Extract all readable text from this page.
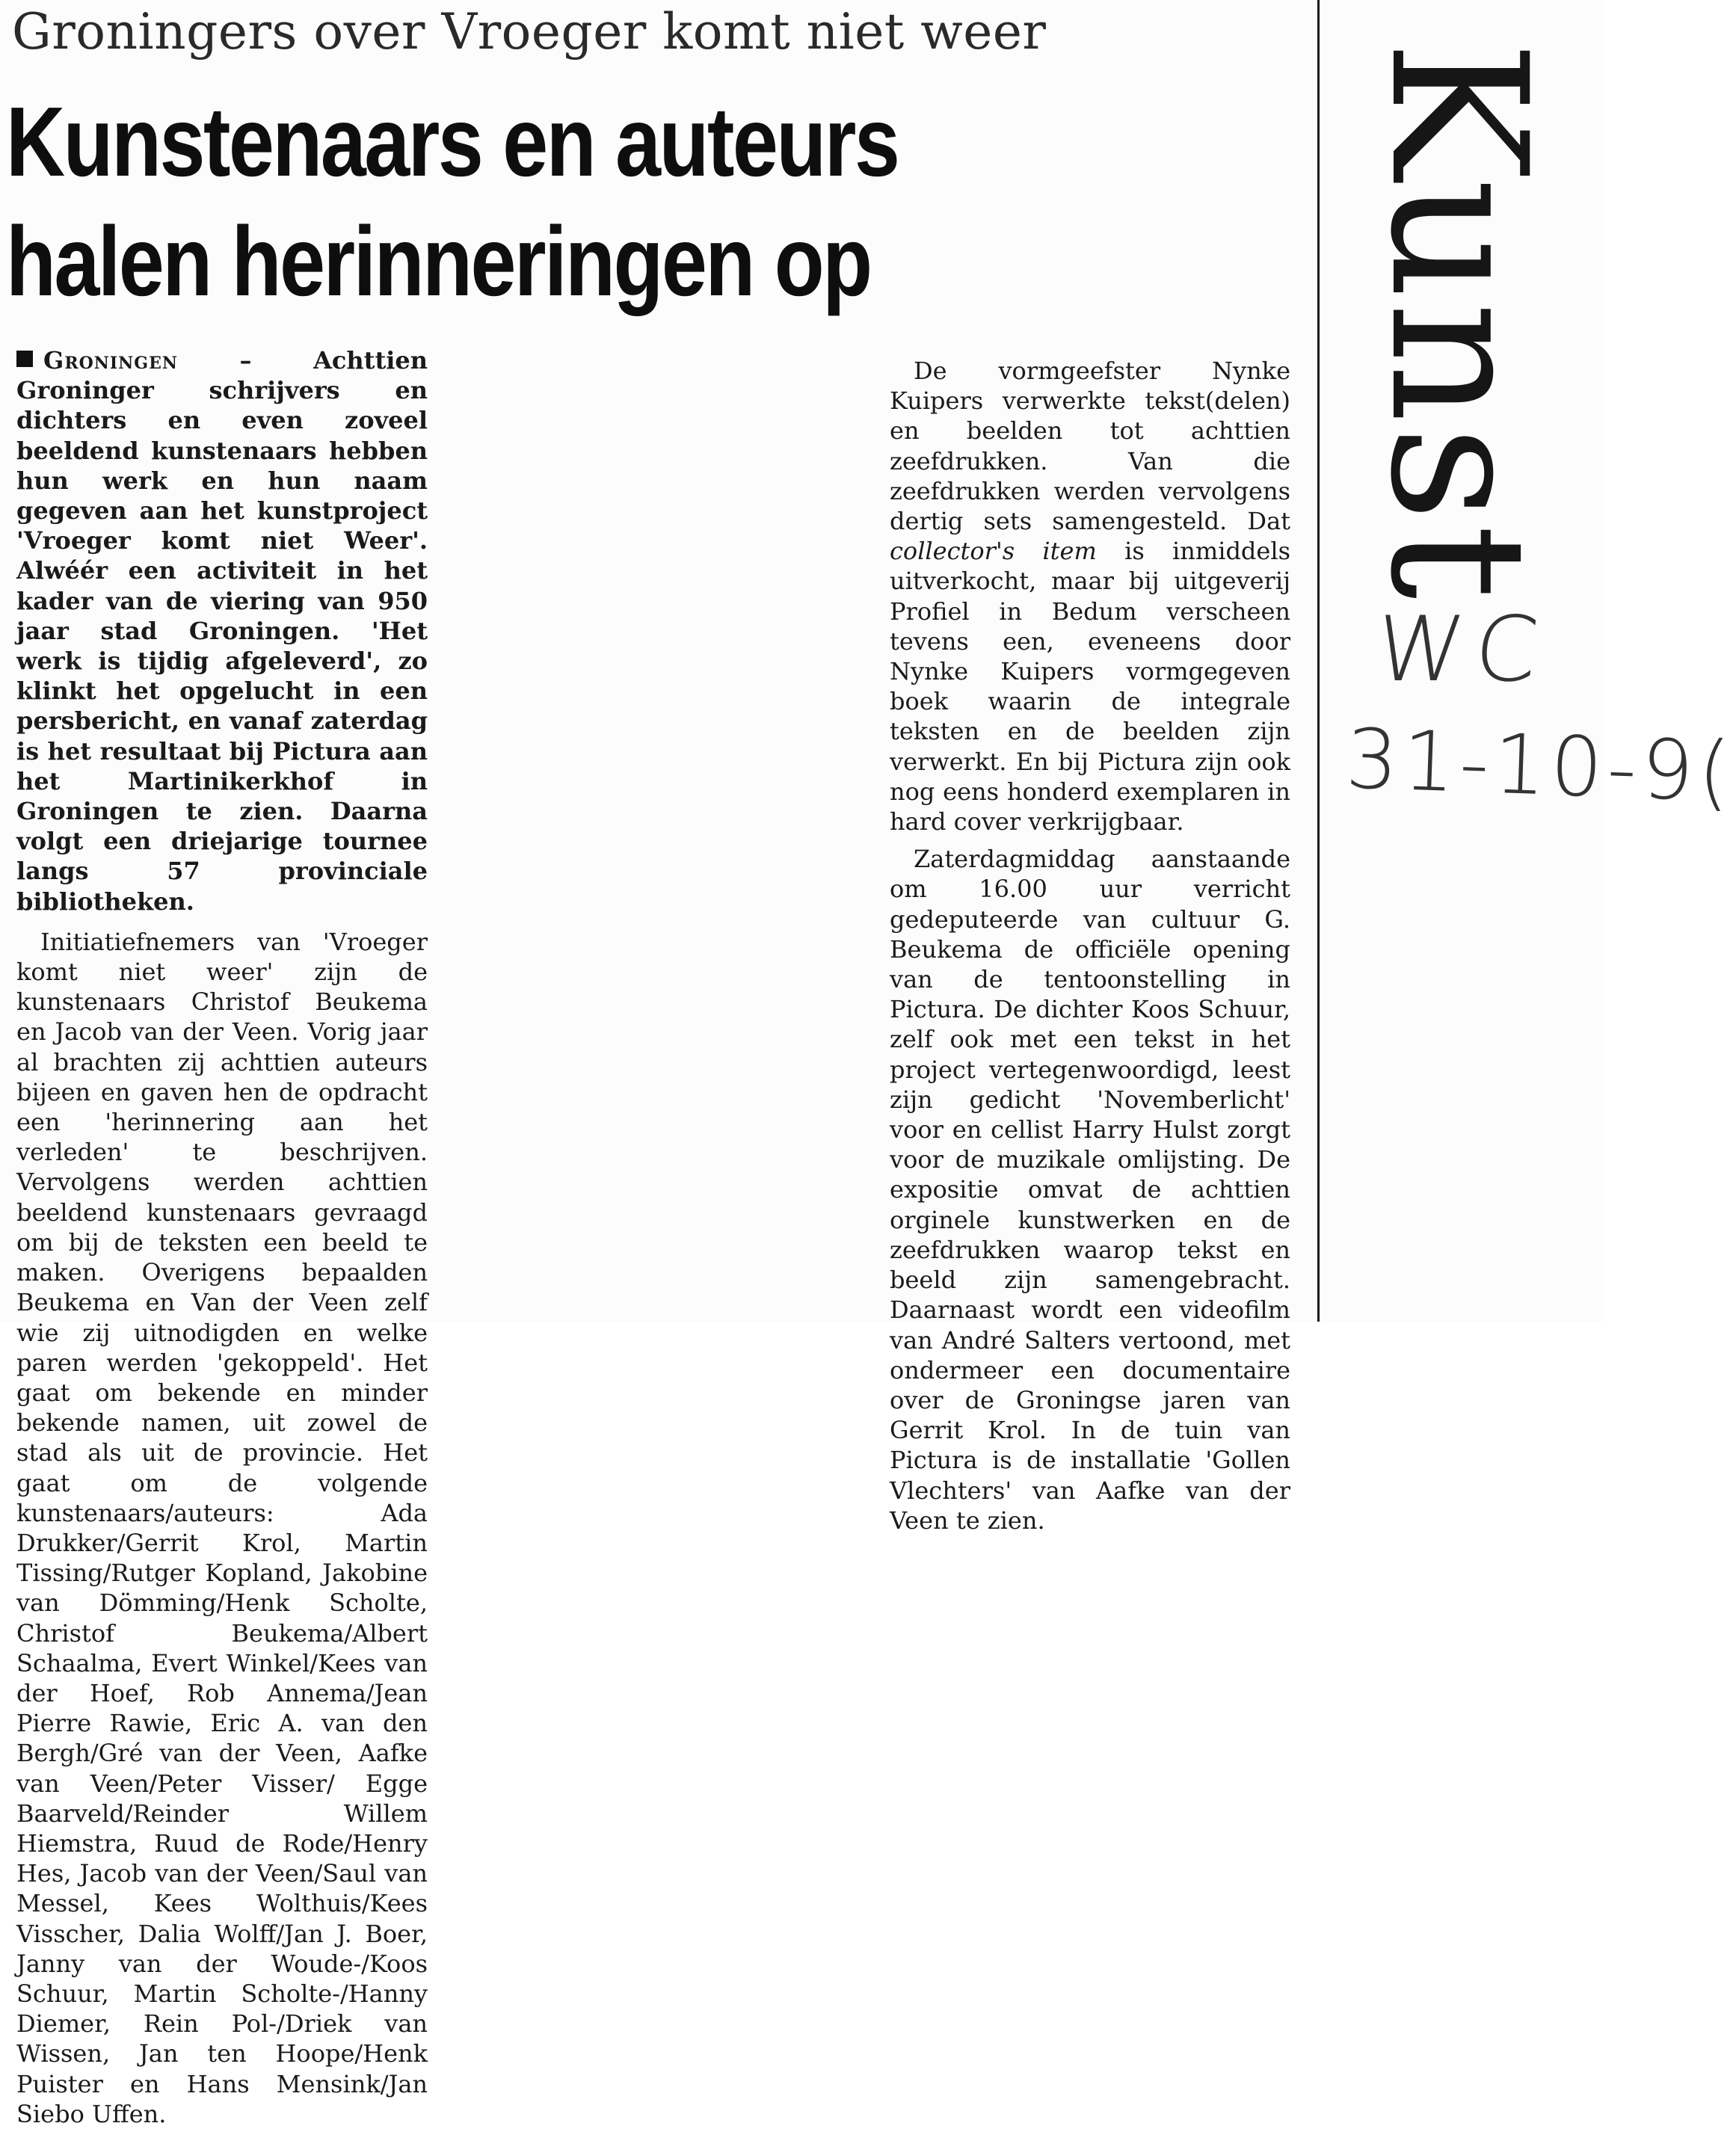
Groningers over Vroeger komt niet weer
Kunstenaars en auteurs
halen herinneringen op

Groningen	– Achttien Groninger schrijvers en dichters en even zoveel beeldend kunstenaars hebben hun werk en hun naam gegeven aan het kunstproject 'Vroeger komt niet Weer'. Alwéér een activiteit in het kader van de viering van 950 jaar stad Groningen. 'Het werk is tijdig afgeleverd', zo klinkt het opgelucht in een persbericht, en vanaf zaterdag is het resultaat bij Pictura aan het Martinikerkhof in Groningen te zien. Daarna volgt een driejarige tournee langs 57 provinciale bibliotheken.

Initiatiefnemers van 'Vroeger komt niet weer' zijn de kunstenaars Christof Beukema en Jacob van der Veen. Vorig jaar al brachten zij achttien auteurs bijeen en gaven hen de opdracht een 'herinnering aan het verleden' te beschrijven. Vervolgens werden achttien beeldend kunstenaars gevraagd om bij de teksten een beeld te maken. Overigens bepaalden Beukema en Van der Veen zelf wie zij uitnodigden en welke paren werden 'gekoppeld'. Het gaat om bekende en minder bekende namen, uit zowel de stad als uit de provincie. Het gaat om de volgende kunstenaars/auteurs: Ada Drukker/Gerrit Krol, Martin Tissing/Rutger Kopland, Jakobine van Dömming/Henk Scholte, Christof Beukema/Albert Schaalma, Evert Winkel/Kees van der Hoef, Rob Annema/Jean Pierre Rawie, Eric A. van den Bergh/Gré van der Veen, Aafke van Veen/Peter Visser/ Egge Baarveld/Reinder Willem Hiemstra, Ruud de Rode/Henry Hes, Jacob van der Veen/Saul van Messel, Kees Wolthuis/Kees Visscher, Dalia Wolff/Jan J. Boer, Janny van der Woude-/Koos Schuur, Martin Scholte-/Hanny Diemer, Rein Pol-/Driek van Wissen, Jan ten Hoope/Henk Puister en Hans Mensink/Jan Siebo Uffen.

De vormgeefster Nynke Kuipers verwerkte tekst(delen) en beelden tot achttien zeefdrukken. Van die zeefdrukken werden vervolgens dertig sets samengesteld. Dat collector's item is inmiddels uitverkocht, maar bij uitgeverij Profiel in Bedum verscheen tevens een, eveneens door Nynke Kuipers vormgegeven boek waarin de integrale teksten en de beelden zijn verwerkt. En bij Pictura zijn ook nog eens honderd exemplaren in hard cover verkrijgbaar.

Zaterdagmiddag aanstaande om 16.00 uur verricht gedeputeerde van cultuur G. Beukema de officiële opening van de tentoonstelling in Pictura. De dichter Koos Schuur, zelf ook met een tekst in het project vertegenwoordigd, leest zijn gedicht 'Novemberlicht' voor en cellist Harry Hulst zorgt voor de muzikale omlijsting. De expositie omvat de achttien orginele kunstwerken en de zeefdrukken waarop tekst en beeld zijn samengebracht. Daarnaast wordt een videofilm van André Salters vertoond, met ondermeer een documentaire over de Groningse jaren van Gerrit Krol. In de tuin van Pictura is de installatie 'Gollen Vlechters' van Aafke van der Veen te zien.

Kunst
WC
31-10-9(
